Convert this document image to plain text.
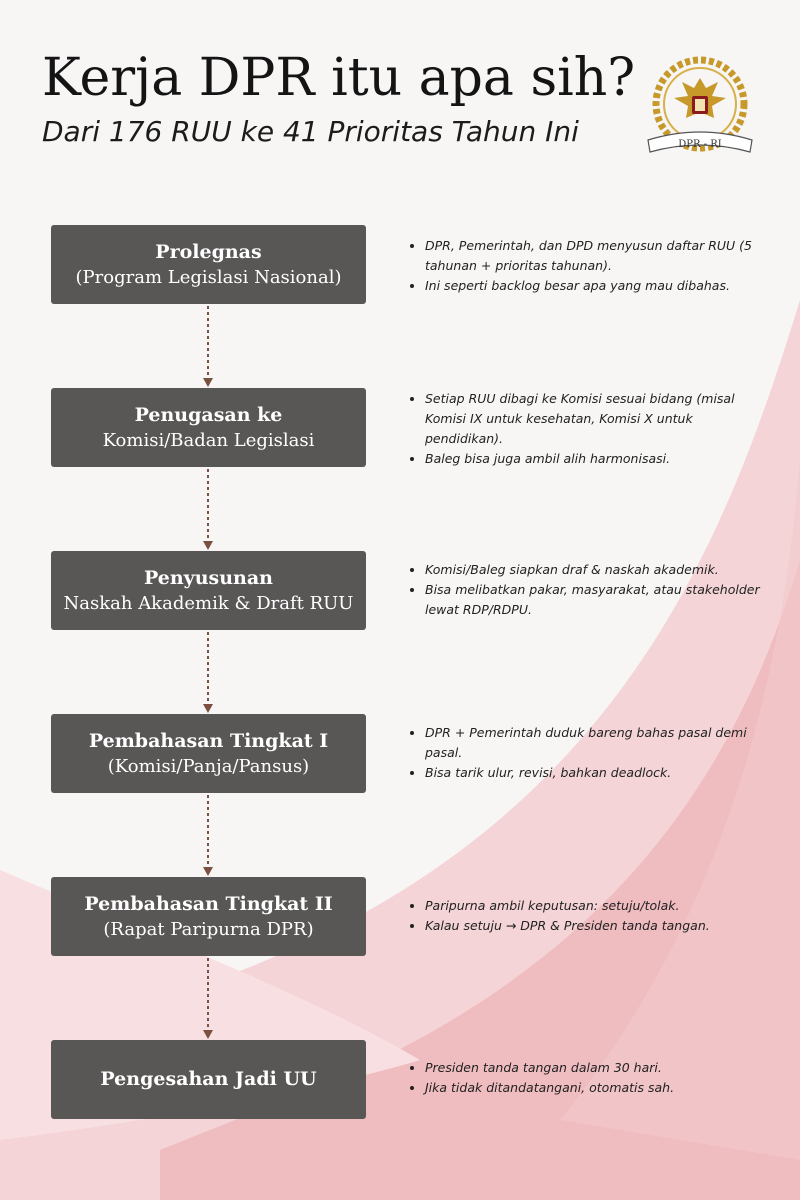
Kerja DPR itu apa sih?

Dari 176 RUU ke 41 Prioritas Tahun Ini	DPR - RI
Prolegnas
(Program Legislasi Nasional)
DPR, Pemerintah, dan DPD menyusun daftar RUU (5 tahunan + prioritas tahunan).
Ini seperti backlog besar apa yang mau dibahas.
Penugasan ke
Komisi/Badan Legislasi
Setiap RUU dibagi ke Komisi sesuai bidang (misal Komisi IX untuk kesehatan, Komisi X untuk pendidikan).
Baleg bisa juga ambil alih harmonisasi.
Penyusunan
Naskah Akademik & Draft RUU
Komisi/Baleg siapkan draf & naskah akademik.
Bisa melibatkan pakar, masyarakat, atau stakeholder lewat RDP/RDPU.
Pembahasan Tingkat I
(Komisi/Panja/Pansus)
DPR + Pemerintah duduk bareng bahas pasal demi pasal.
Bisa tarik ulur, revisi, bahkan deadlock.
Pembahasan Tingkat II
(Rapat Paripurna DPR)
Paripurna ambil keputusan: setuju/tolak.
Kalau setuju → DPR & Presiden tanda tangan.
Pengesahan Jadi UU
Presiden tanda tangan dalam 30 hari.
Jika tidak ditandatangani, otomatis sah.
